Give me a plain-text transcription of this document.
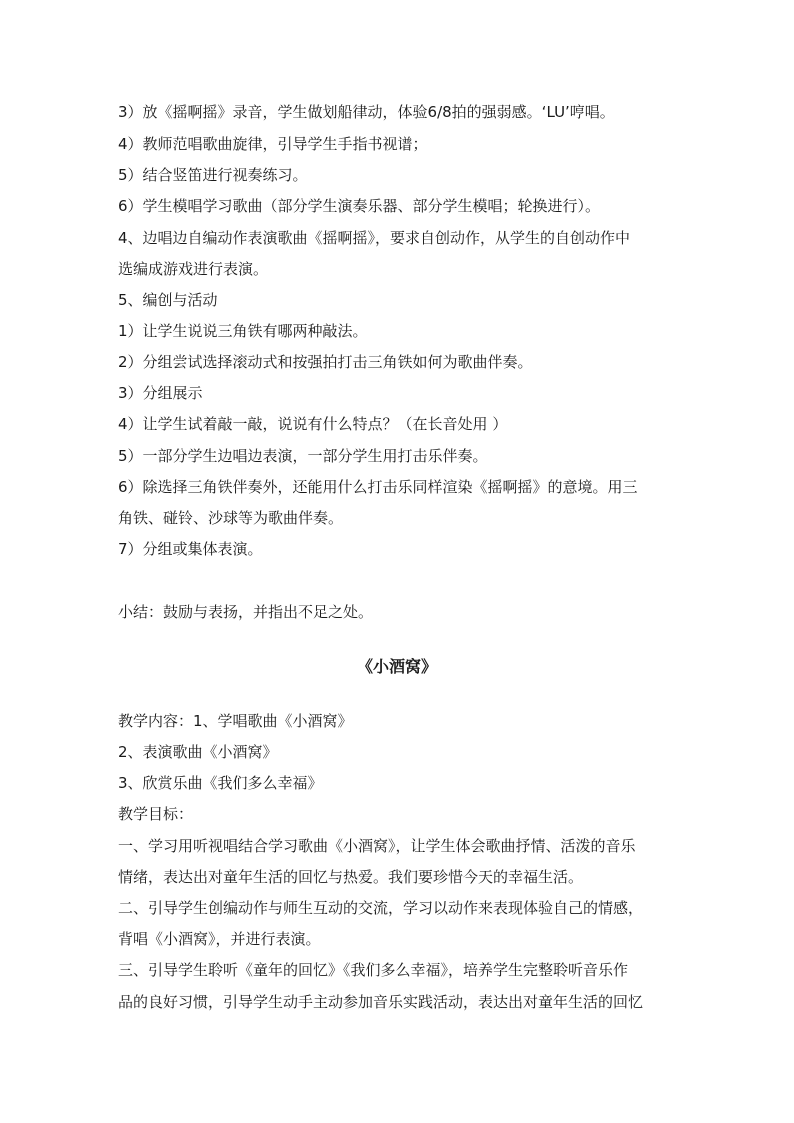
3）放《摇啊摇》录音，学生做划船律动，体验6/8拍的强弱感。‘LU’哼唱。
4）教师范唱歌曲旋律，引导学生手指书视谱；
5）结合竖笛进行视奏练习。
6）学生模唱学习歌曲（部分学生演奏乐器、部分学生模唱；轮换进行）。
4、边唱边自编动作表演歌曲《摇啊摇》，要求自创动作，从学生的自创动作中
选编成游戏进行表演。
5、编创与活动
1）让学生说说三角铁有哪两种敲法。
2）分组尝试选择滚动式和按强拍打击三角铁如何为歌曲伴奏。
3）分组展示
4）让学生试着敲一敲，说说有什么特点？（在长音处用 ）
5）一部分学生边唱边表演，一部分学生用打击乐伴奏。
6）除选择三角铁伴奏外，还能用什么打击乐同样渲染《摇啊摇》的意境。用三
角铁、碰铃、沙球等为歌曲伴奏。
7）分组或集体表演。
小结：鼓励与表扬，并指出不足之处。
《小酒窝》
教学内容：1、学唱歌曲《小酒窝》
2、表演歌曲《小酒窝》
3、欣赏乐曲《我们多么幸福》
教学目标：
一、学习用听视唱结合学习歌曲《小酒窝》，让学生体会歌曲抒情、活泼的音乐
情绪，表达出对童年生活的回忆与热爱。我们要珍惜今天的幸福生活。
二、引导学生创编动作与师生互动的交流，学习以动作来表现体验自己的情感，
背唱《小酒窝》，并进行表演。
三、引导学生聆听《童年的回忆》《我们多么幸福》，培养学生完整聆听音乐作
品的良好习惯，引导学生动手主动参加音乐实践活动，表达出对童年生活的回忆
